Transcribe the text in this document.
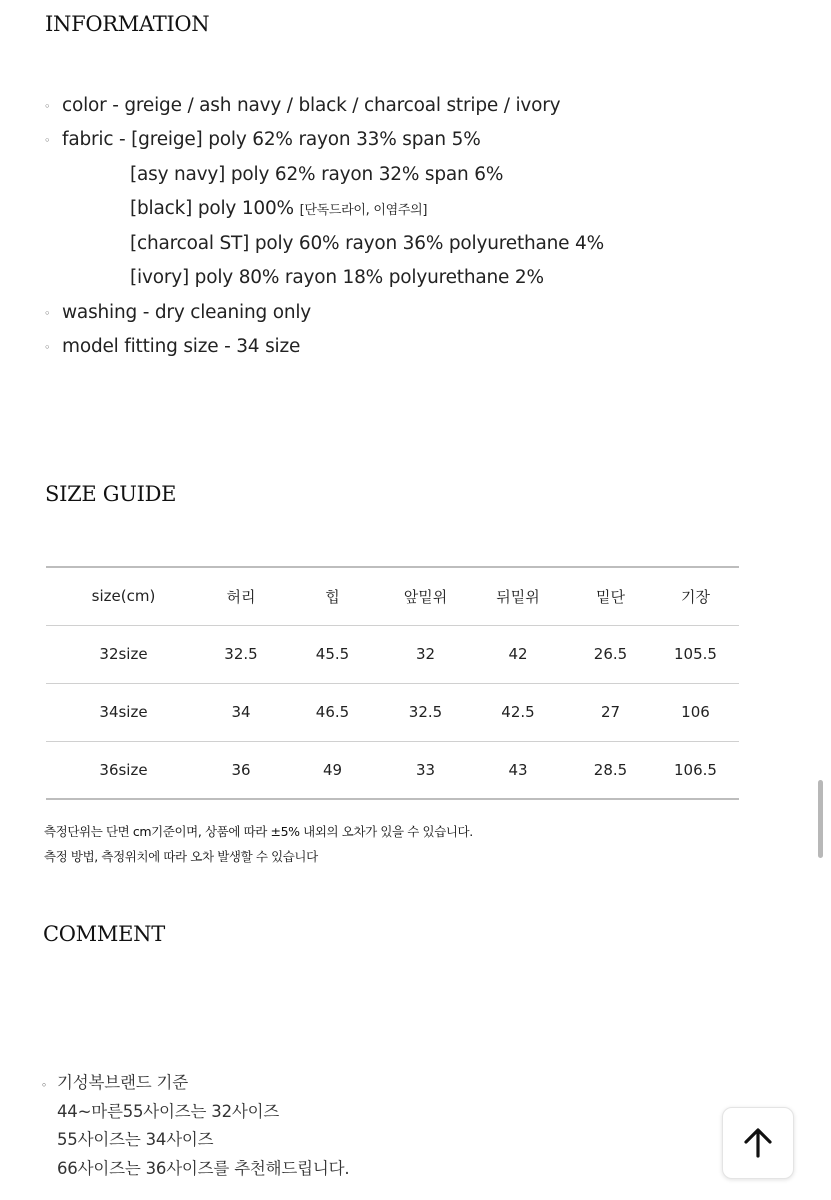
INFORMATION
◦ color - greige / ash navy / black / charcoal stripe / ivory
◦ fabric - [greige] poly 62% rayon 33% span 5%
[asy navy] poly 62% rayon 32% span 6%
[black] poly 100% [단독드라이, 이염주의]
[charcoal ST] poly 60% rayon 36% polyurethane 4%
[ivory] poly 80% rayon 18% polyurethane 2%
◦ washing - dry cleaning only
◦ model fitting size - 34 size
SIZE GUIDE
size(cm)	허리	힙	앞밑위	뒤밑위	밑단	기장
32size	32.5	45.5	32	42	26.5	105.5
34size	34	46.5	32.5	42.5	27	106
36size	36	49	33	43	28.5	106.5
측정단위는 단면 cm기준이며, 상품에 따라 ±5% 내외의 오차가 있을 수 있습니다.
측정 방법, 측정위치에 따라 오차 발생할 수 있습니다
COMMENT
。 기성복브랜드 기준
44~마른55사이즈는 32사이즈
55사이즈는 34사이즈
66사이즈는 36사이즈를 추천해드립니다.
